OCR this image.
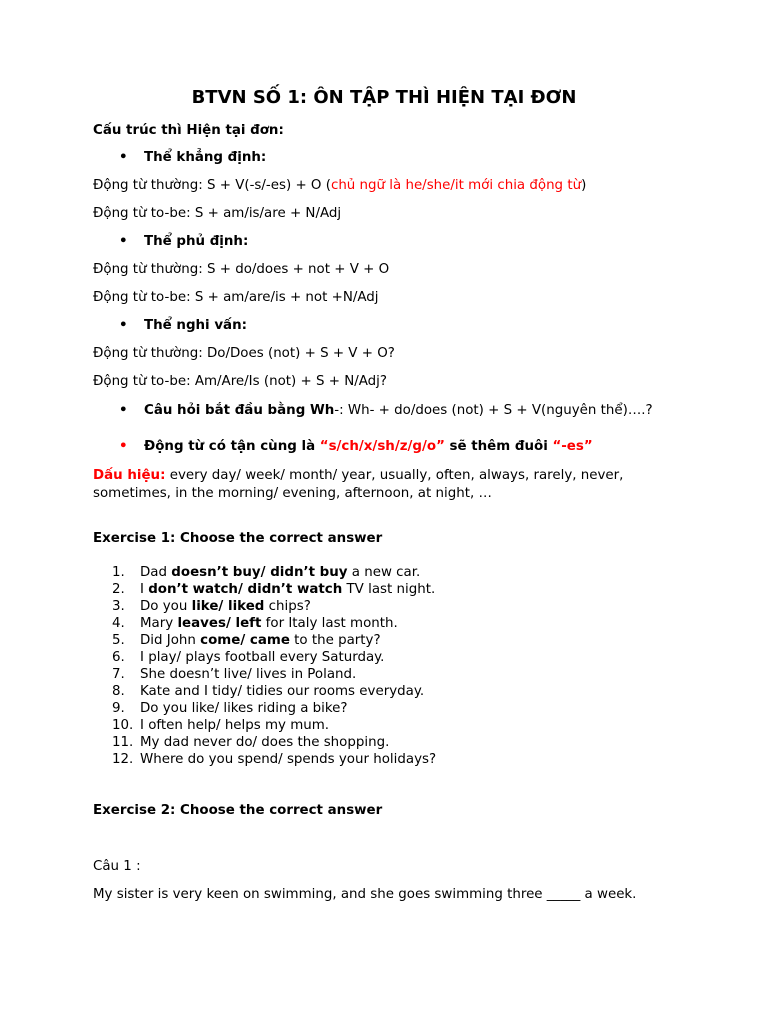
BTVN SỐ 1: ÔN TẬP THÌ HIỆN TẠI ĐƠN
Cấu trúc thì Hiện tại đơn:
• Thể khẳng định:
Động từ thường: S + V(-s/-es) + O (chủ ngữ là he/she/it mới chia động từ)
Động từ to-be: S + am/is/are + N/Adj
• Thể phủ định:
Động từ thường: S + do/does + not + V + O
Động từ to-be: S + am/are/is + not +N/Adj
• Thể nghi vấn:
Động từ thường: Do/Does (not) + S + V + O?
Động từ to-be: Am/Are/Is (not) + S + N/Adj?
• Câu hỏi bắt đầu bằng Wh-: Wh- + do/does (not) + S + V(nguyên thể)….?
• Động từ có tận cùng là “s/ch/x/sh/z/g/o” sẽ thêm đuôi “-es”
Dấu hiệu: every day/ week/ month/ year, usually, often, always, rarely, never, sometimes, in the morning/ evening, afternoon, at night, …
Exercise 1: Choose the correct answer
1. Dad doesn’t buy/ didn’t buy a new car.
2. I don’t watch/ didn’t watch TV last night.
3. Do you like/ liked chips?
4. Mary leaves/ left for Italy last month.
5. Did John come/ came to the party?
6. I play/ plays football every Saturday.
7. She doesn’t live/ lives in Poland.
8. Kate and I tidy/ tidies our rooms everyday.
9. Do you like/ likes riding a bike?
10. I often help/ helps my mum.
11. My dad never do/ does the shopping.
12. Where do you spend/ spends your holidays?
Exercise 2: Choose the correct answer
Câu 1 :
My sister is very keen on swimming, and she goes swimming three _____ a week.
